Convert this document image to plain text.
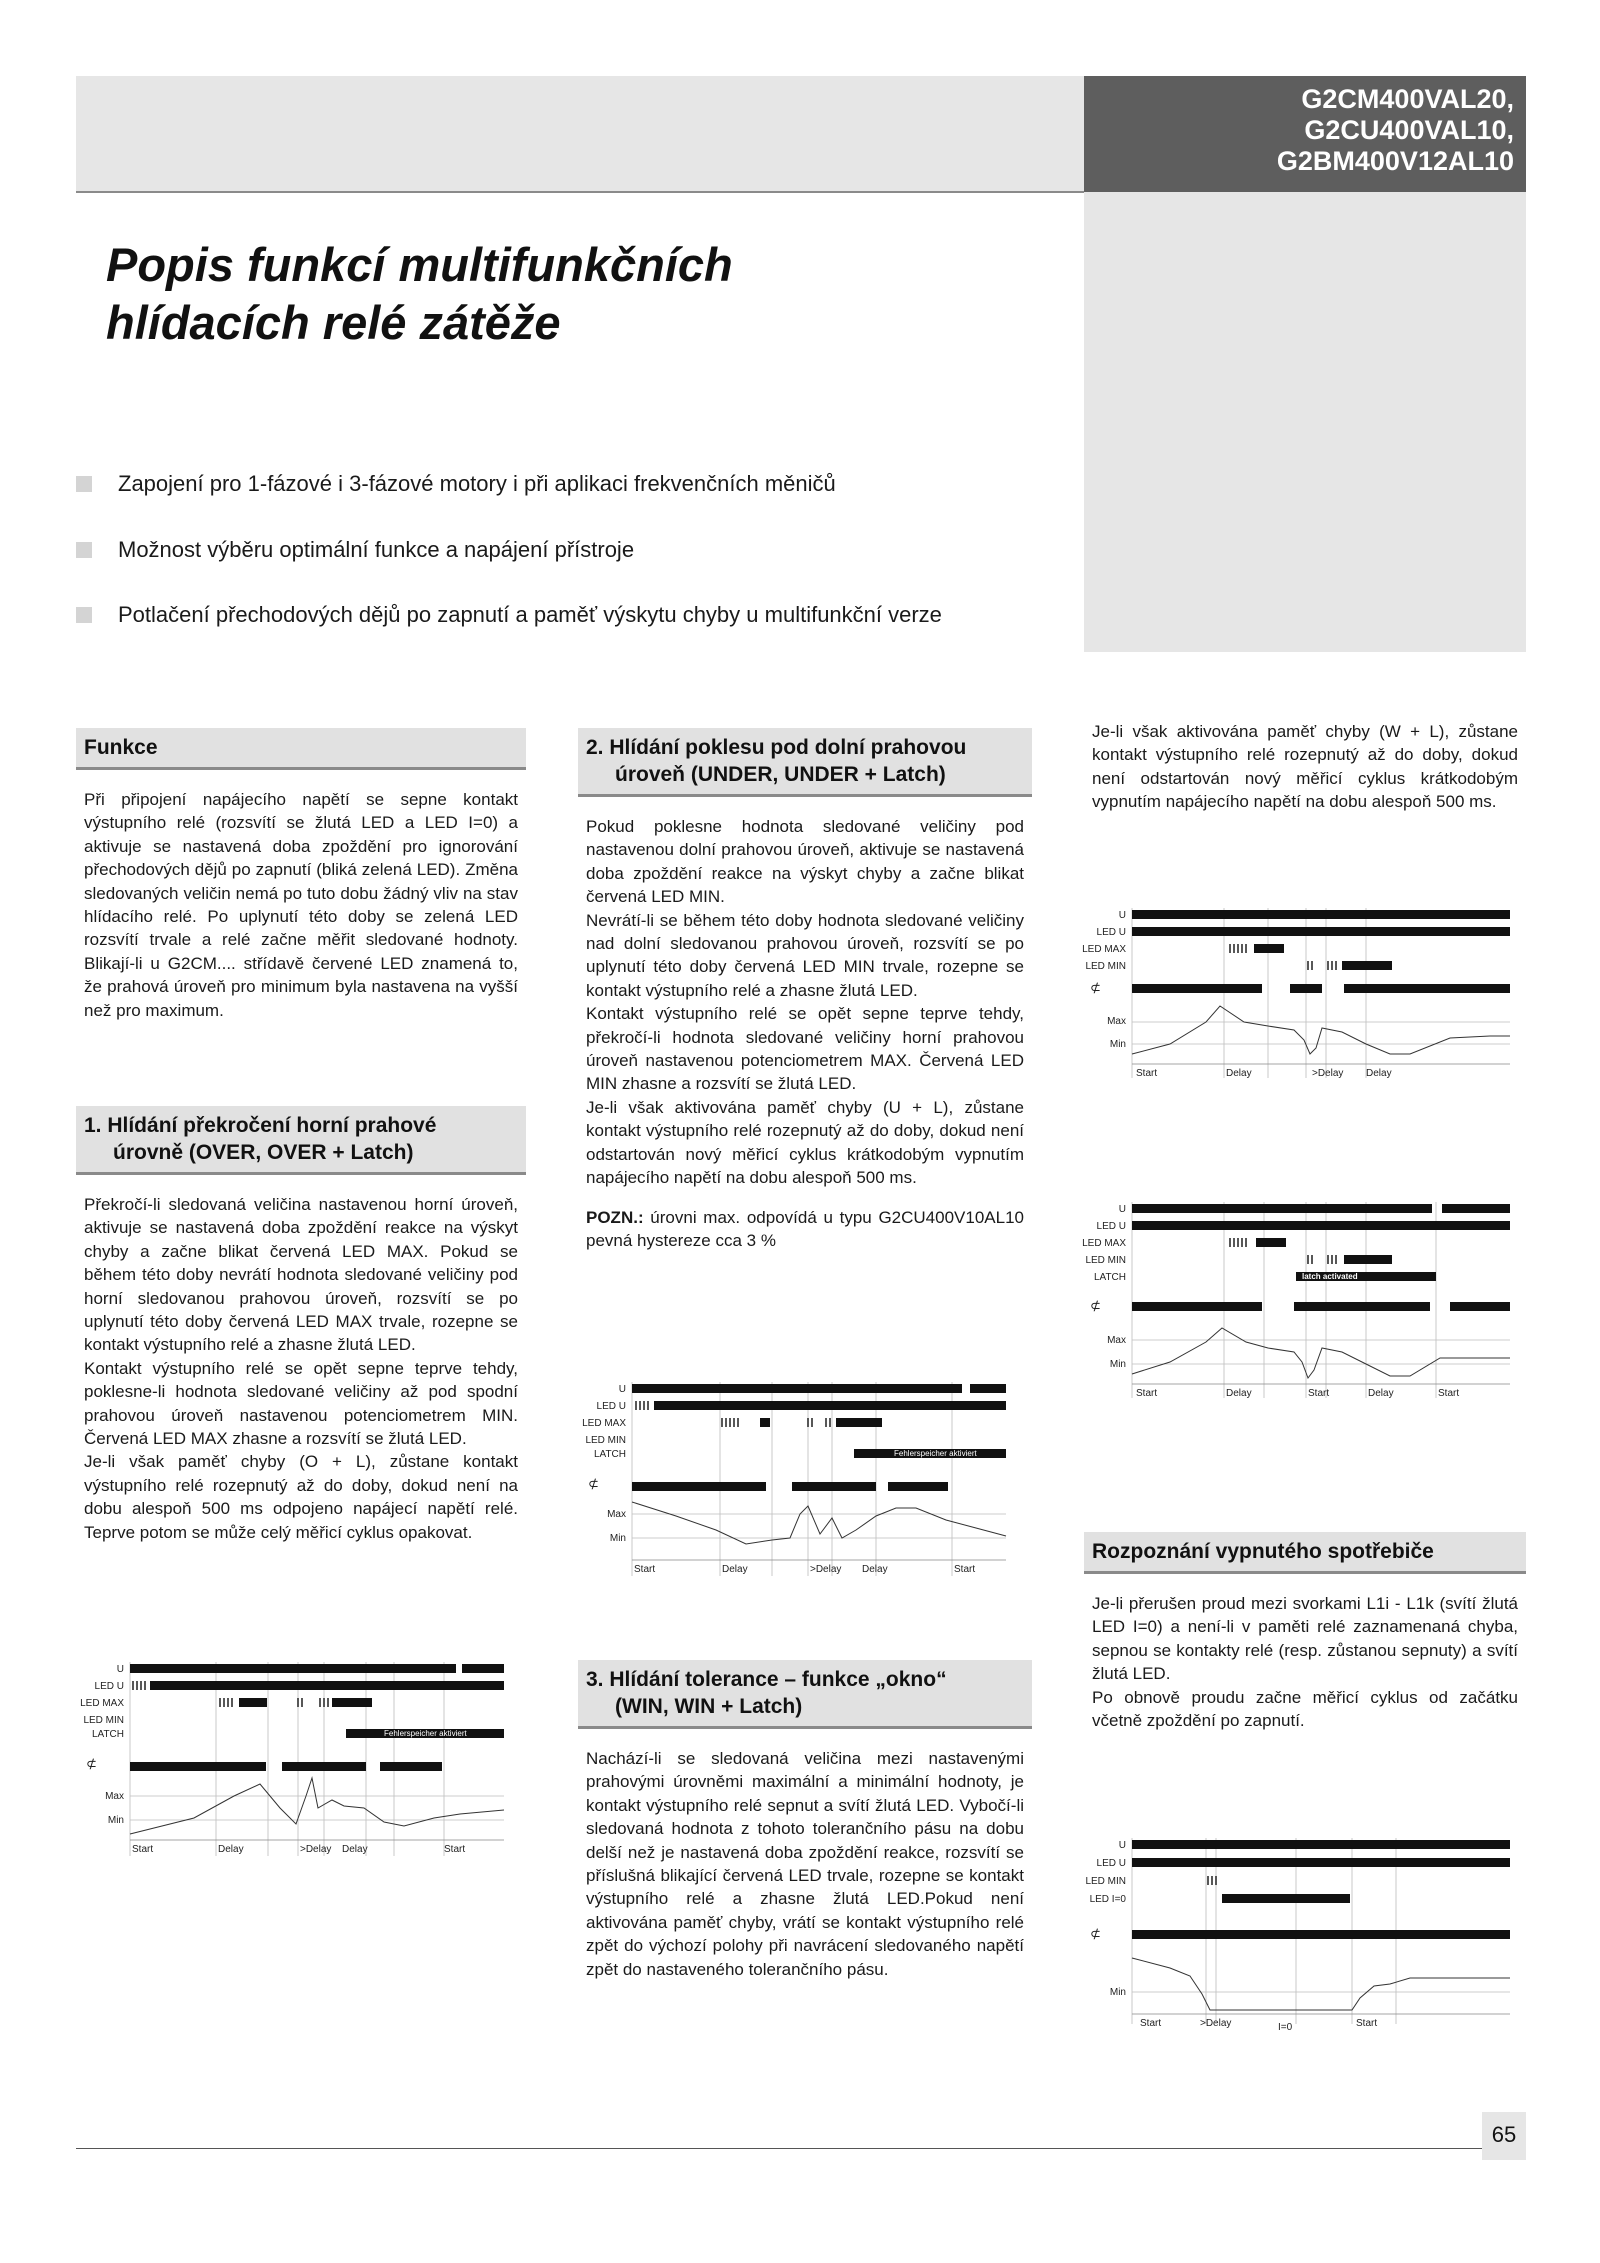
G2CM400VAL20,
G2CU400VAL10,
G2BM400V12AL10
Popis funkcí multifunkčních
hlídacích relé zátěže
Zapojení pro 1-fázové i 3-fázové motory i při aplikaci frekvenčních měničů
Možnost výběru optimální funkce a napájení přístroje
Potlačení přechodových dějů po zapnutí a paměť výskytu chyby u multifunkční verze
Funkce

Při připojení napájecího napětí se sepne kontakt výstupního relé (rozsvítí se žlutá LED a LED I=0) a aktivuje se nastavená doba zpoždění pro ignorování přechodových dějů po zapnutí (bliká zelená LED). Změna sledovaných veličin nemá po tuto dobu žádný vliv na stav hlídacího relé. Po uplynutí této doby se zelená LED rozsvítí trvale a relé začne měřit sledované hodnoty. Blikají-li u G2CM.... střídavě červené LED znamená to, že prahová úroveň pro minimum byla nastavena na vyšší než pro maximum.

1. Hlídání překročení horní prahové
úrovně (OVER, OVER + Latch)

Překročí-li sledovaná veličina nastavenou horní úroveň, aktivuje se nastavená doba zpoždění reakce na výskyt chyby a začne blikat červená LED MAX. Pokud se během této doby nevrátí hodnota sledované veličiny pod horní sledovanou prahovou úroveň, rozsvítí se po uplynutí této doby červená LED MAX trvale, rozepne se kontakt výstupního relé a zhasne žlutá LED.

Kontakt výstupního relé se opět sepne teprve tehdy, poklesne-li hodnota sledované veličiny až pod spodní prahovou úroveň nastavenou potenciometrem MIN. Červená LED MAX zhasne a rozsvítí se žlutá LED.

Je-li však paměť chyby (O + L), zůstane kontakt výstupního relé rozepnutý až do doby, dokud není na dobu alespoň 500 ms odpojeno napájecí napětí relé. Teprve potom se může celý měřicí cyklus opakovat.

U
LED U
LED MAX
LED MIN
LATCH
Max
Min
Fehlerspeicher aktiviert
⊄
Start	Delay	>Delay Delay	Start
2. Hlídání poklesu pod dolní prahovou
úroveň (UNDER, UNDER + Latch)

Pokud poklesne hodnota sledované veličiny pod nastavenou dolní prahovou úroveň, aktivuje se nastavená doba zpoždění reakce na výskyt chyby a začne blikat červená LED MIN.

Nevrátí-li se během této doby hodnota sledované veličiny nad dolní sledovanou prahovou úroveň, rozsvítí se po uplynutí této doby červená LED MIN trvale, rozepne se kontakt výstupního relé a zhasne žlutá LED.

Kontakt výstupního relé se opět sepne teprve tehdy, překročí-li hodnota sledované veličiny horní prahovou úroveň nastavenou potenciometrem MAX. Červená LED MIN zhasne a rozsvítí se žlutá LED.

Je-li však aktivována paměť chyby (U + L), zůstane kontakt výstupního relé rozepnutý až do doby, dokud není odstartován nový měřicí cyklus krátkodobým vypnutím napájecího napětí na dobu alespoň 500 ms.

POZN.: úrovni max. odpovídá u typu G2CU400V10AL10 pevná hystereze cca 3 %

U
LED U
LED MAX
LED MIN
LATCH
Max
Min
Fehlerspeicher aktiviert
⊄
Start	Delay	>Delay Delay	Start
3. Hlídání tolerance – funkce „okno“
(WIN, WIN + Latch)

Nachází-li se sledovaná veličina mezi nastavenými prahovými úrovněmi maximální a minimální hodnoty, je kontakt výstupního relé sepnut a svítí žlutá LED. Vybočí-li sledovaná hodnota z tohoto tolerančního pásu na dobu delší než je nastavená doba zpoždění reakce, rozsvítí se příslušná blikající červená LED trvale, rozepne se kontakt výstupního relé a zhasne žlutá LED.Pokud není aktivována paměť chyby, vrátí se kontakt výstupního relé zpět do výchozí polohy při navrácení sledovaného napětí zpět do nastaveného tolerančního pásu.

Je-li však aktivována paměť chyby (W + L), zůstane kontakt výstupního relé rozepnutý až do doby, dokud není odstartován nový měřicí cyklus krátkodobým vypnutím napájecího napětí na dobu alespoň 500 ms.

U
LED U
LED MAX
LED MIN
Max
Min
⊄
Start	Delay	>Delay Delay
U
LED U
LED MAX
LED MIN
LATCH
Max
Min
latch activated
⊄
Start	Delay	Start	Delay	Start
Rozpoznání vypnutého spotřebiče

Je-li přerušen proud mezi svorkami L1i - L1k (svítí žlutá LED I=0) a není-li v paměti relé zaznamenaná chyba, sepnou se kontakty relé (resp. zůstanou sepnuty) a svítí žlutá LED.

Po obnově proudu začne měřicí cyklus od začátku včetně zpoždění po zapnutí.

U
LED U
LED MIN
LED I=0
Min
⊄
Start	>Delay	I=0	Start
65
